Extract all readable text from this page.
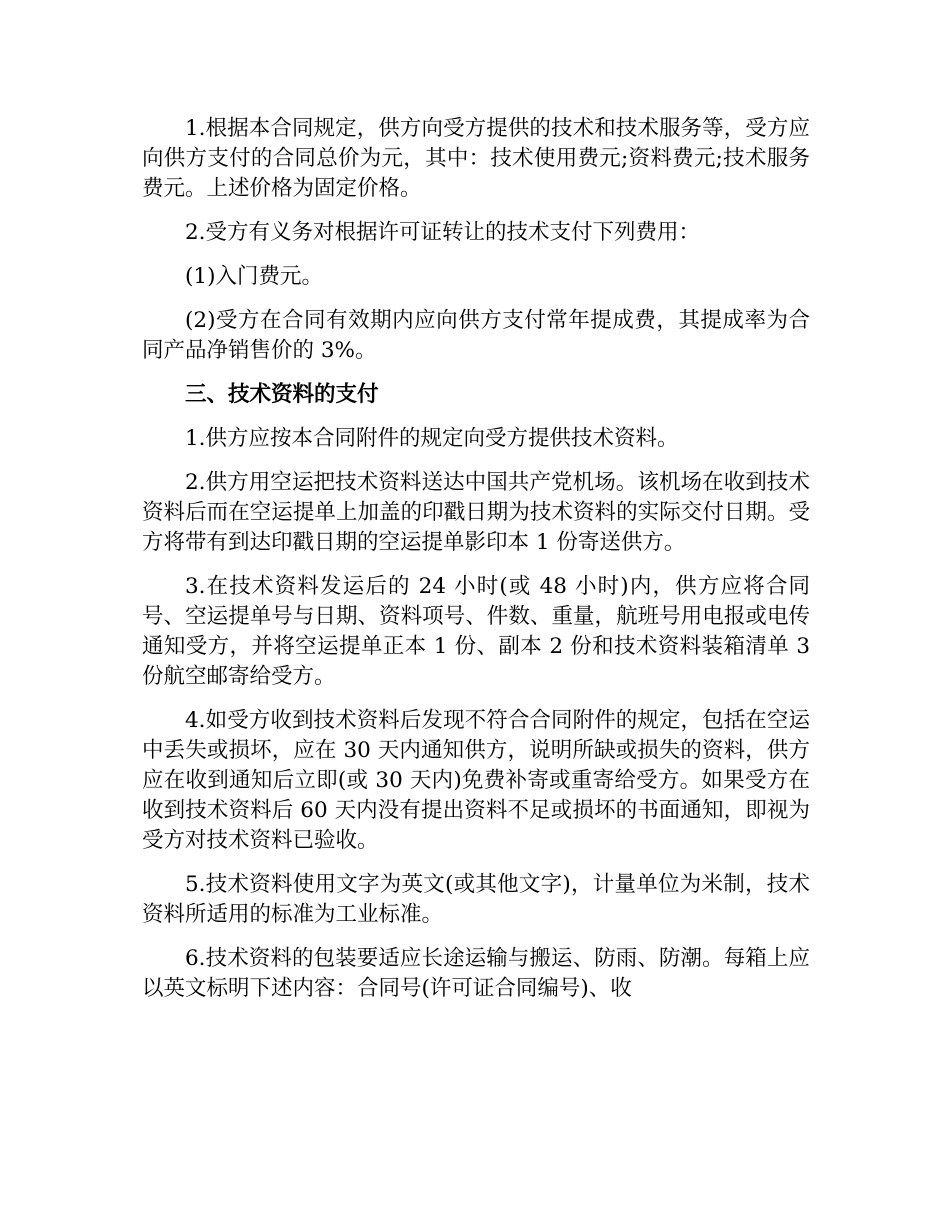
1.根据本合同规定，供方向受方提供的技术和技术服务等，受方应向供方支付的合同总价为元，其中：技术使用费元;资料费元;技术服务费元。上述价格为固定价格。

2.受方有义务对根据许可证转让的技术支付下列费用：

(1)入门费元。

(2)受方在合同有效期内应向供方支付常年提成费，其提成率为合同产品净销售价的 3%。

三、技术资料的支付

1.供方应按本合同附件的规定向受方提供技术资料。

2.供方用空运把技术资料送达中国共产党机场。该机场在收到技术资料后而在空运提单上加盖的印戳日期为技术资料的实际交付日期。受方将带有到达印戳日期的空运提单影印本 1 份寄送供方。

3.在技术资料发运后的 24 小时(或 48 小时)内，供方应将合同号、空运提单号与日期、资料项号、件数、重量，航班号用电报或电传通知受方，并将空运提单正本 1 份、副本 2 份和技术资料装箱清单 3 份航空邮寄给受方。

4.如受方收到技术资料后发现不符合合同附件的规定，包括在空运中丢失或损坏，应在 30 天内通知供方，说明所缺或损失的资料，供方应在收到通知后立即(或 30 天内)免费补寄或重寄给受方。如果受方在收到技术资料后 60 天内没有提出资料不足或损坏的书面通知，即视为受方对技术资料已验收。

5.技术资料使用文字为英文(或其他文字)，计量单位为米制，技术资料所适用的标准为工业标准。

6.技术资料的包装要适应长途运输与搬运、防雨、防潮。每箱上应以英文标明下述内容：合同号(许可证合同编号)、收
